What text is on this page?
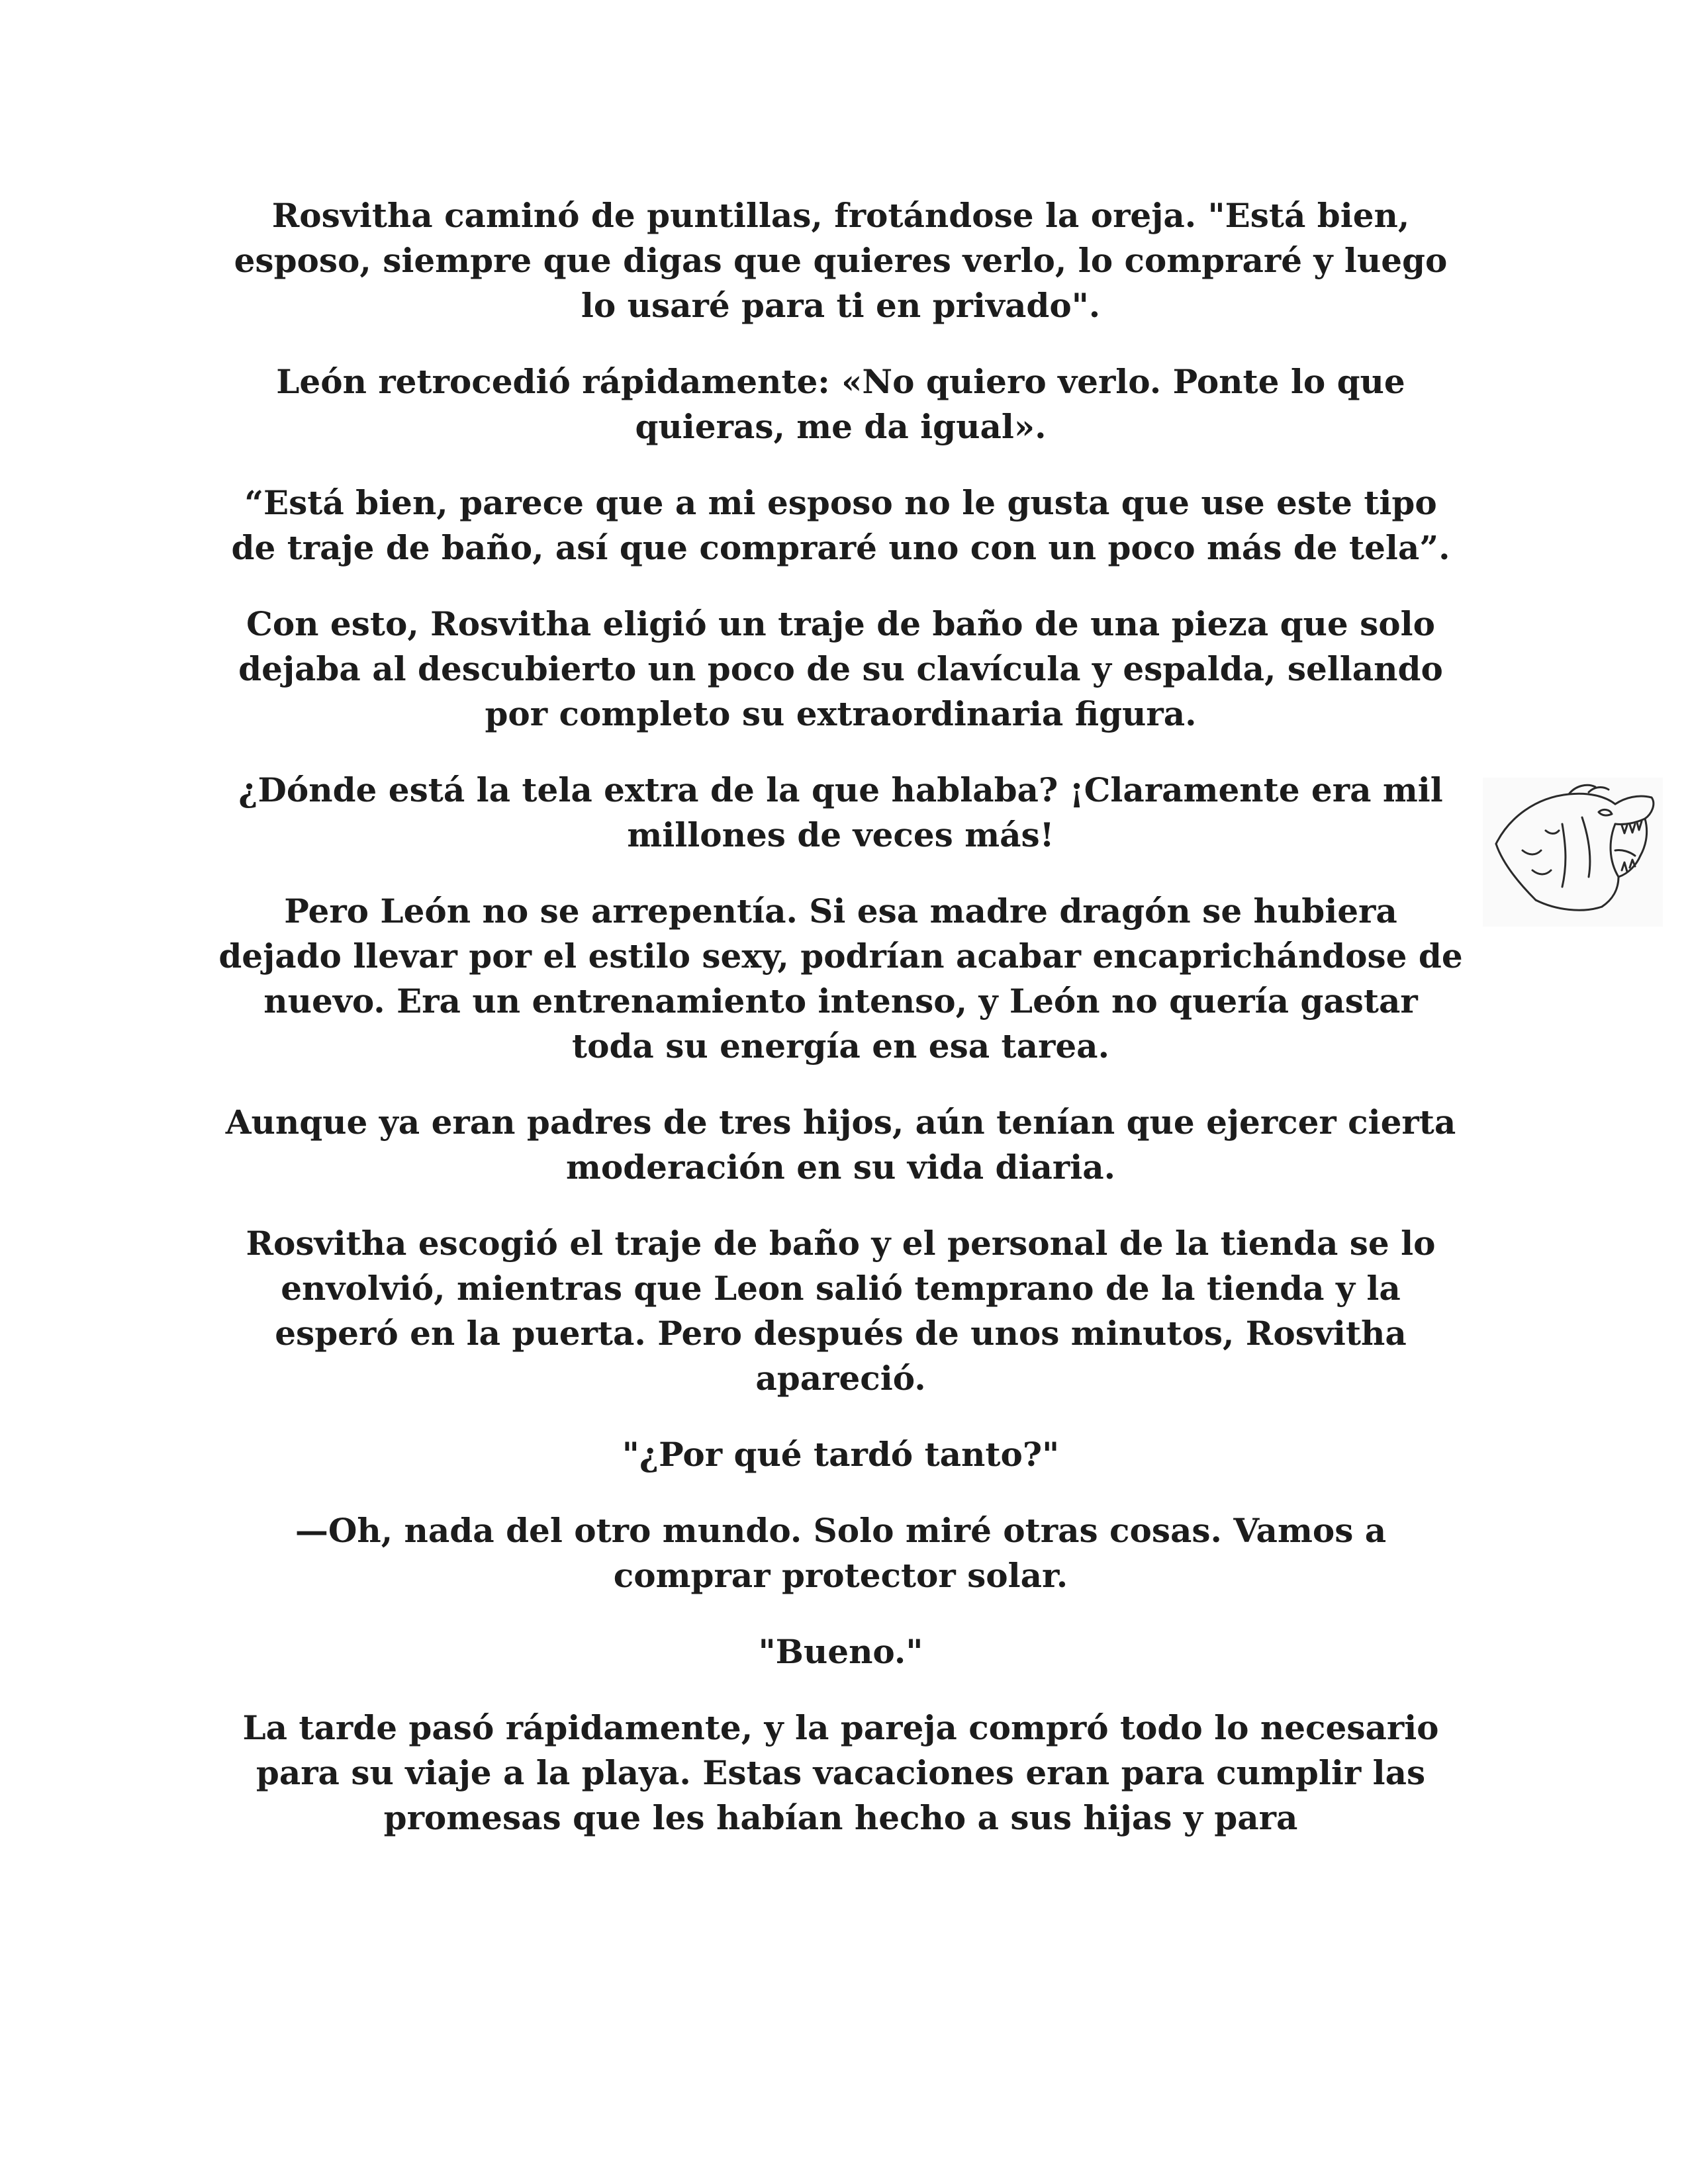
Rosvitha caminó de puntillas, frotándose la oreja. "Está bien, esposo, siempre que digas que quieres verlo, lo compraré y luego lo usaré para ti en privado".

León retrocedió rápidamente: «No quiero verlo. Ponte lo que quieras, me da igual».

“Está bien, parece que a mi esposo no le gusta que use este tipo de traje de baño, así que compraré uno con un poco más de tela”.

Con esto, Rosvitha eligió un traje de baño de una pieza que solo dejaba al descubierto un poco de su clavícula y espalda, sellando por completo su extraordinaria figura.

¿Dónde está la tela extra de la que hablaba? ¡Claramente era mil millones de veces más!

Pero León no se arrepentía. Si esa madre dragón se hubiera dejado llevar por el estilo sexy, podrían acabar encaprichándose de nuevo. Era un entrenamiento intenso, y León no quería gastar toda su energía en esa tarea.

Aunque ya eran padres de tres hijos, aún tenían que ejercer cierta moderación en su vida diaria.

Rosvitha escogió el traje de baño y el personal de la tienda se lo envolvió, mientras que Leon salió temprano de la tienda y la esperó en la puerta. Pero después de unos minutos, Rosvitha apareció.

"¿Por qué tardó tanto?"

—Oh, nada del otro mundo. Solo miré otras cosas. Vamos a comprar protector solar.

"Bueno."

La tarde pasó rápidamente, y la pareja compró todo lo necesario para su viaje a la playa. Estas vacaciones eran para cumplir las promesas que les habían hecho a sus hijas y para
